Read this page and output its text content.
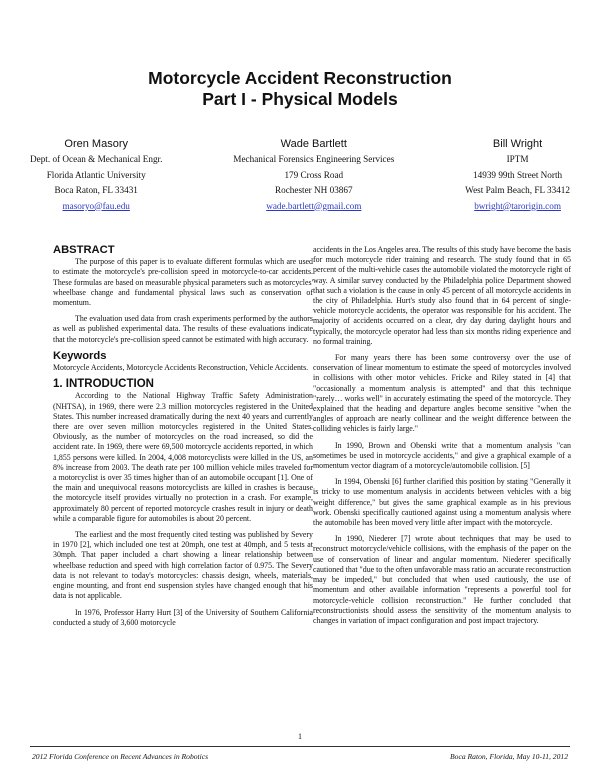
Motorcycle Accident Reconstruction
Part I - Physical Models
Oren Masory
Dept. of Ocean & Mechanical Engr.
Florida Atlantic University
Boca Raton, FL 33431
masoryo@fau.edu
Wade Bartlett
Mechanical Forensics Engineering Services
179 Cross Road
Rochester NH 03867
wade.bartlett@gmail.com
Bill Wright
IPTM
14939 99th Street North
West Palm Beach, FL 33412
bwright@tarorigin.com
ABSTRACT

The purpose of this paper is to evaluate different formulas which are used to estimate the motorcycle's pre-collision speed in motorcycle-to-car accidents. These formulas are based on measurable physical parameters such as motorcycles' wheelbase change and fundamental physical laws such as conservation of momentum.

The evaluation used data from crash experiments performed by the authors as well as published experimental data. The results of these evaluations indicate that the motorcycle's pre-collision speed cannot be estimated with high accuracy.

Keywords

Motorcycle Accidents, Motorcycle Accidents Reconstruction, Vehicle Accidents.

1. INTRODUCTION

According to the National Highway Traffic Safety Administration (NHTSA), in 1969, there were 2.3 million motorcycles registered in the United States. This number increased dramatically during the next 40 years and currently there are over seven million motorcycles registered in the United States. Obviously, as the number of motorcycles on the road increased, so did the accident rate. In 1969, there were 69,500 motorcycle accidents reported, in which 1,855 persons were killed. In 2004, 4,008 motorcyclists were killed in the US, an 8% increase from 2003. The death rate per 100 million vehicle miles traveled for a motorcyclist is over 35 times higher than of an automobile occupant [1]. One of the main and unequivocal reasons motorcyclists are killed in crashes is because the motorcycle itself provides virtually no protection in a crash. For example, approximately 80 percent of reported motorcycle crashes result in injury or death while a comparable figure for automobiles is about 20 percent.

The earliest and the most frequently cited testing was published by Severy in 1970 [2], which included one test at 20mph, one test at 40mph, and 5 tests at 30mph. That paper included a chart showing a linear relationship between wheelbase reduction and speed with high correlation factor of 0.975. The Severy data is not relevant to today's motorcycles: chassis design, wheels, materials, engine mounting, and front end suspension styles have changed enough that his data is not applicable.

In 1976, Professor Harry Hurt [3] of the University of Southern California conducted a study of 3,600 motorcycle

accidents in the Los Angeles area. The results of this study have become the basis for much motorcycle rider training and research. The study found that in 65 percent of the multi-vehicle cases the automobile violated the motorcycle right of way. A similar survey conducted by the Philadelphia police Department showed that such a violation is the cause in only 45 percent of all motorcycle accidents in the city of Philadelphia. Hurt's study also found that in 64 percent of single-vehicle motorcycle accidents, the operator was responsible for his accident. The majority of accidents occurred on a clear, dry day during daylight hours and typically, the motorcycle operator had less than six months riding experience and no formal training.

For many years there has been some controversy over the use of conservation of linear momentum to estimate the speed of motorcycles involved in collisions with other motor vehicles. Fricke and Riley stated in [4] that "occasionally a momentum analysis is attempted" and that this technique "rarely… works well" in accurately estimating the speed of the motorcycle. They explained that the heading and departure angles become sensitive "when the angles of approach are nearly collinear and the weight difference between the colliding vehicles is fairly large."

In 1990, Brown and Obenski write that a momentum analysis "can sometimes be used in motorcycle accidents," and give a graphical example of a momentum vector diagram of a motorcycle/automobile collision. [5]

In 1994, Obenski [6] further clarified this position by stating "Generally it is tricky to use momentum analysis in accidents between vehicles with a big weight difference," but gives the same graphical example as in his previous work. Obenski specifically cautioned against using a momentum analysis where the automobile has been moved very little after impact with the motorcycle.

In 1990, Niederer [7] wrote about techniques that may be used to reconstruct motorcycle/vehicle collisions, with the emphasis of the paper on the use of conservation of linear and angular momentum. Niederer specifically cautioned that "due to the often unfavorable mass ratio an accurate reconstruction may be impeded," but concluded that when used cautiously, the use of momentum and other available information "represents a powerful tool for motorcycle-vehicle collision reconstruction." He further concluded that reconstructionists should assess the sensitivity of the momentum analysis to changes in variation of impact configuration and post impact trajectory.

1
2012 Florida Conference on Recent Advances in Robotics	Boca Raton, Florida, May 10-11, 2012
